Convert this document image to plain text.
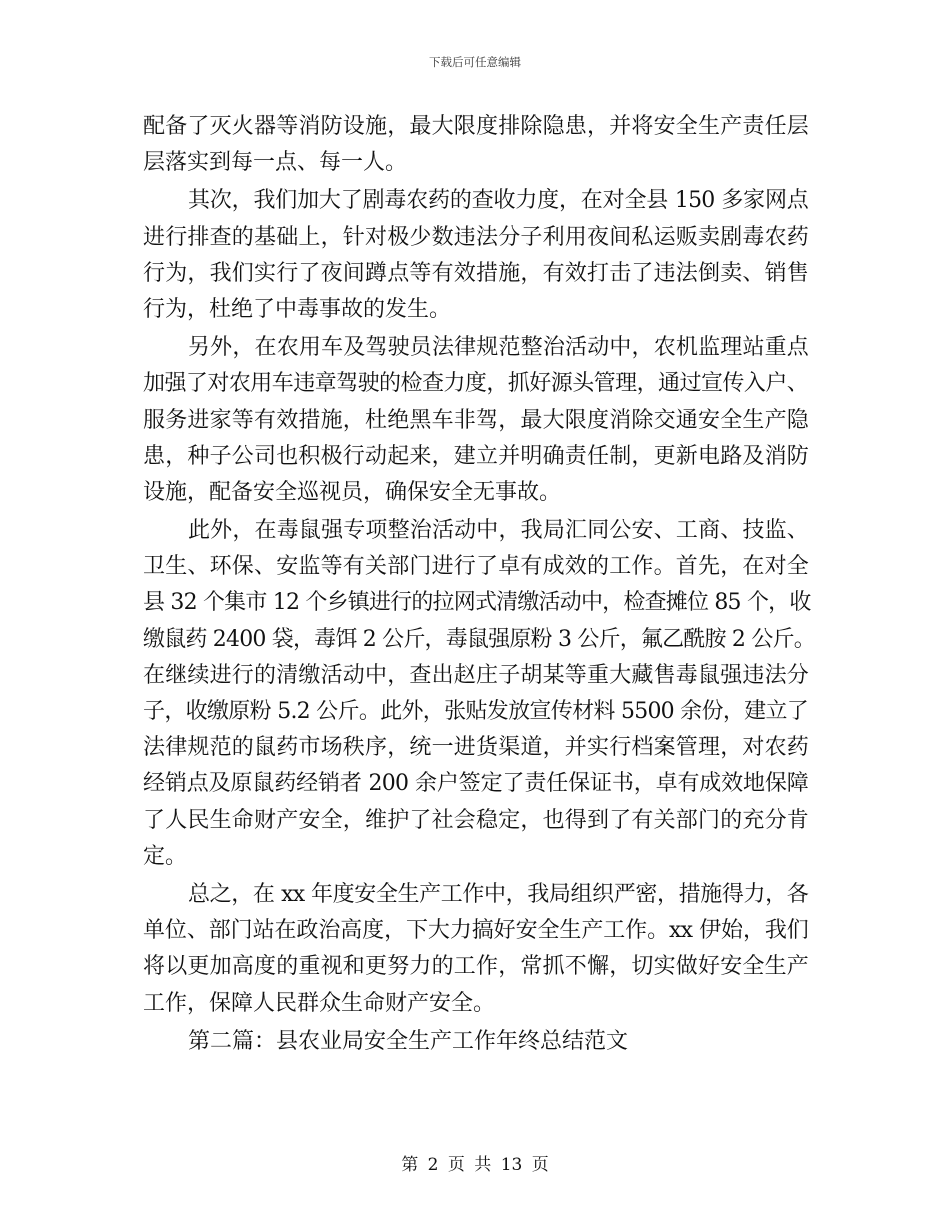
下载后可任意编辑
配备了灭火器等消防设施，最大限度排除隐患，并将安全生产责任层
层落实到每一点、每一人。
其次，我们加大了剧毒农药的查收力度，在对全县 150 多家网点
进行排查的基础上，针对极少数违法分子利用夜间私运贩卖剧毒农药
行为，我们实行了夜间蹲点等有效措施，有效打击了违法倒卖、销售
行为，杜绝了中毒事故的发生。
另外，在农用车及驾驶员法律规范整治活动中，农机监理站重点
加强了对农用车违章驾驶的检查力度，抓好源头管理，通过宣传入户、
服务进家等有效措施，杜绝黑车非驾，最大限度消除交通安全生产隐
患，种子公司也积极行动起来，建立并明确责任制，更新电路及消防
设施，配备安全巡视员，确保安全无事故。
此外，在毒鼠强专项整治活动中，我局汇同公安、工商、技监、
卫生、环保、安监等有关部门进行了卓有成效的工作。首先，在对全
县 32 个集市 12 个乡镇进行的拉网式清缴活动中，检查摊位 85 个，收
缴鼠药 2400 袋，毒饵 2 公斤，毒鼠强原粉 3 公斤，氟乙酰胺 2 公斤。
在继续进行的清缴活动中，查出赵庄子胡某等重大藏售毒鼠强违法分
子，收缴原粉 5.2 公斤。此外，张贴发放宣传材料 5500 余份，建立了
法律规范的鼠药市场秩序，统一进货渠道，并实行档案管理，对农药
经销点及原鼠药经销者 200 余户签定了责任保证书，卓有成效地保障
了人民生命财产安全，维护了社会稳定，也得到了有关部门的充分肯
定。
总之，在 xx 年度安全生产工作中，我局组织严密，措施得力，各
单位、部门站在政治高度，下大力搞好安全生产工作。xx 伊始，我们
将以更加高度的重视和更努力的工作，常抓不懈，切实做好安全生产
工作，保障人民群众生命财产安全。
第二篇：县农业局安全生产工作年终总结范文
第 2 页 共 13 页
